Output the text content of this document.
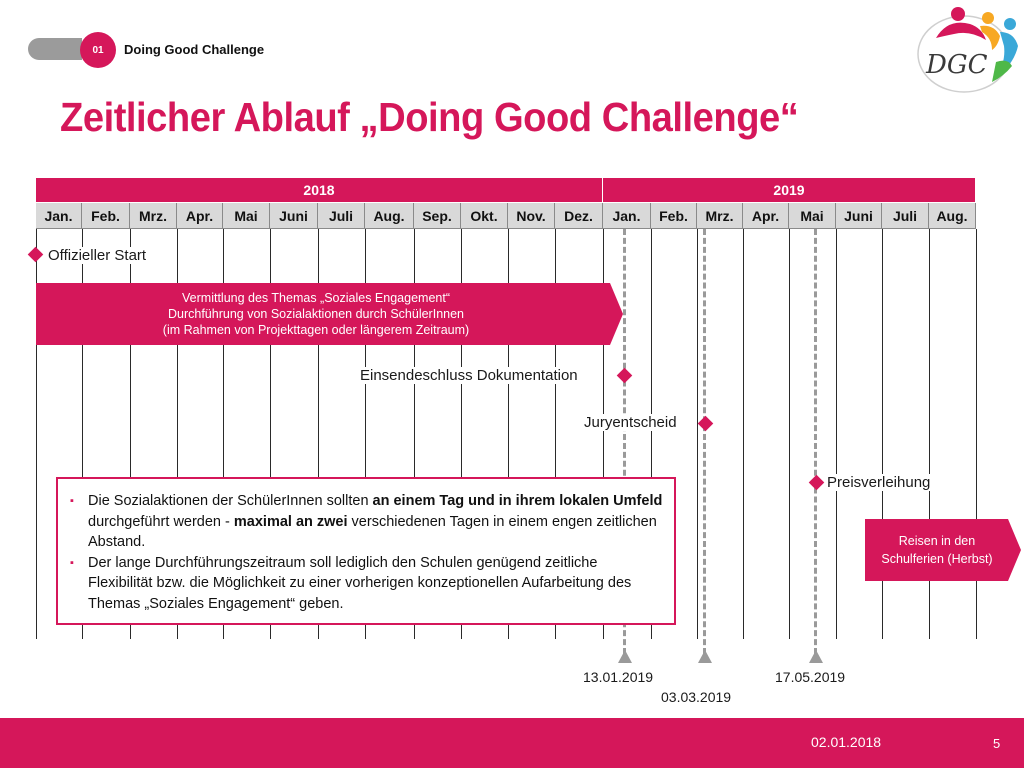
01	Doing Good Challenge
Zeitlicher Ablauf „Doing Good Challenge“
DGC
2018	2019
Jan.	Feb.	Mrz.	Apr.	Mai	Juni	Juli	Aug.	Sep.	Okt.	Nov.	Dez.	Jan.	Feb.	Mrz.	Apr.	Mai	Juni	Juli	Aug.
Vermittlung des Themas „Soziales Engagement“
Durchführung von Sozialaktionen durch SchülerInnen
(im Rahmen von Projekttagen oder längerem Zeitraum)
Reisen in den
Schulferien (Herbst)
Offizieller Start
Einsendeschluss Dokumentation
Juryentscheid
Preisverleihung
▪ Die Sozialaktionen der SchülerInnen sollten an einem Tag und in ihrem lokalen Umfeld durchgeführt werden - maximal an zwei verschiedenen Tagen in einem engen zeitlichen Abstand.
▪ Der lange Durchführungszeitraum soll lediglich den Schulen genügend zeitliche Flexibilität bzw. die Möglichkeit zu einer vorherigen konzeptionellen Aufarbeitung des Themas „Soziales Engagement“ geben.
13.01.2019
03.03.2019
17.05.2019
02.01.2018	5
